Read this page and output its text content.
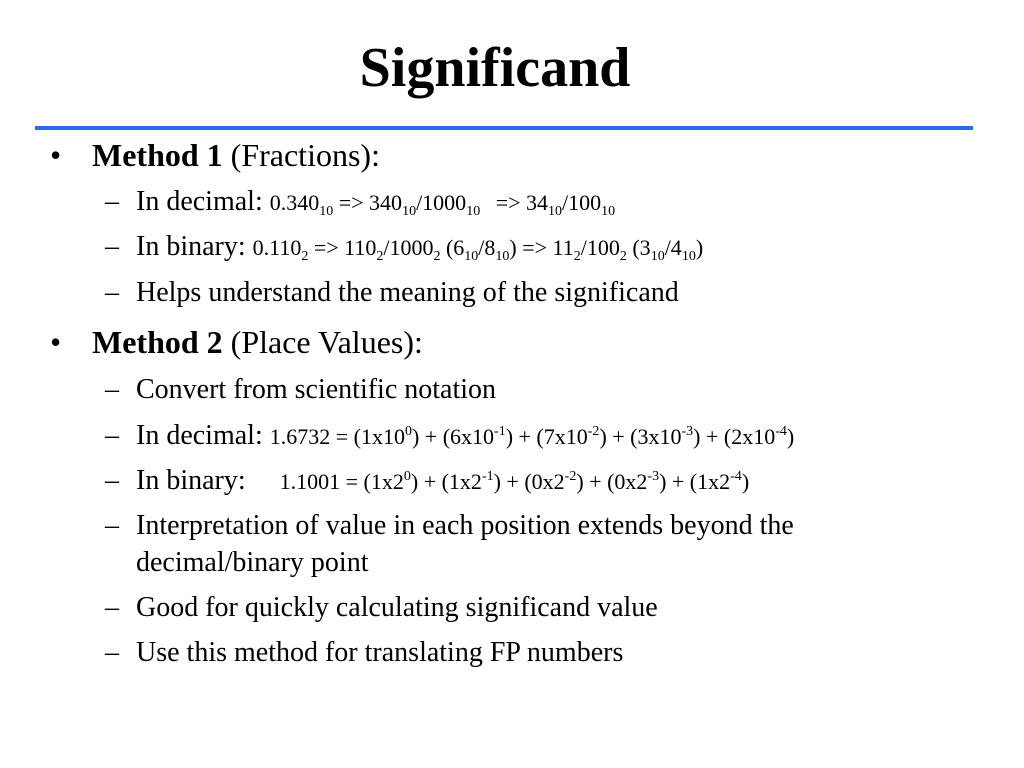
Significand
• Method 1 (Fractions):
– In decimal: $0.340_{10} => 340_{10}/1000_{10} => 34_{10}/100_{10}$
– In binary: $0.110_2 => 110_2/1000_2$ $(6_{10}/8_{10}) => 11_2/100_2$ $(3_{10}/4_{10})$
– Helps understand the meaning of the significand
• Method 2 (Place Values):
– Convert from scientific notation
– In decimal: $1.6732 = (1x10^0) + (6x10^{-1}) + (7x10^{-2}) + (3x10^{-3}) + (2x10^{-4})$
– In binary: $1.1001 = (1x2^0) + (1x2^{-1}) + (0x2^{-2}) + (0x2^{-3}) + (1x2^{-4})$
– Interpretation of value in each position extends beyond the
decimal/binary point
– Good for quickly calculating significand value
– Use this method for translating FP numbers
